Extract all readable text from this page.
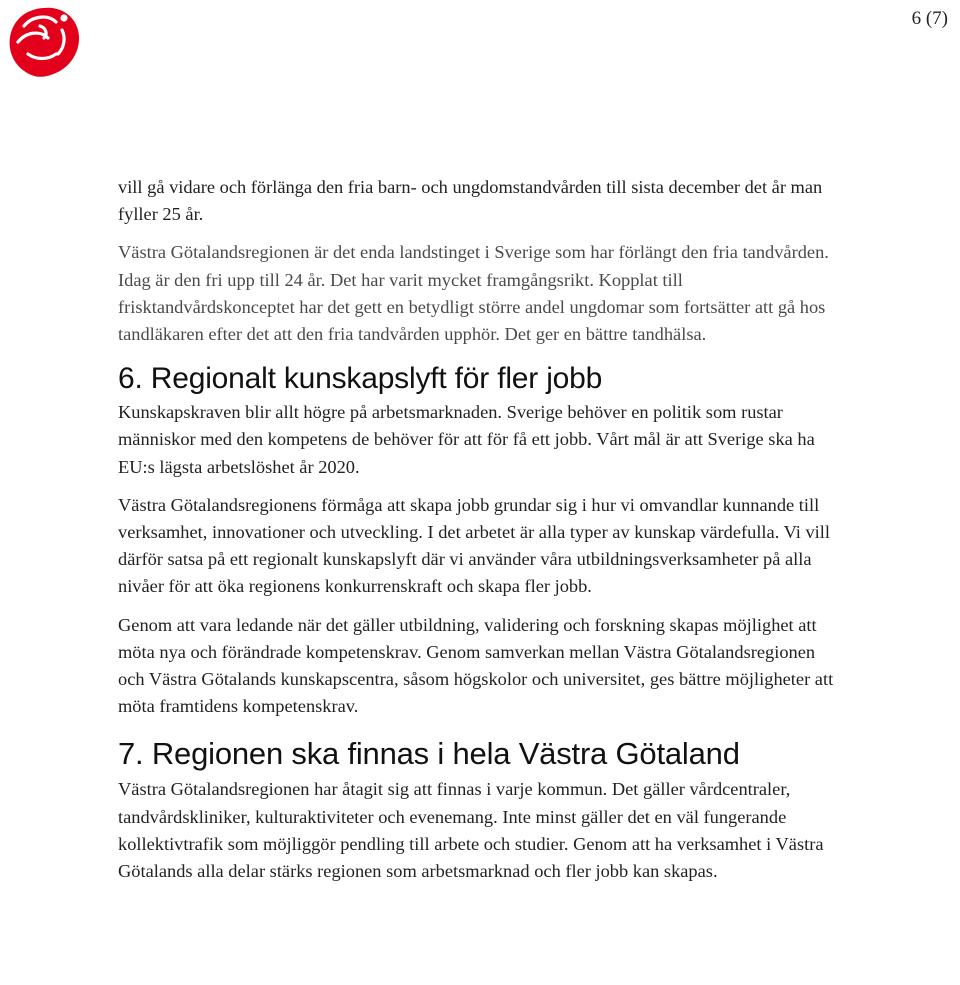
6 (7)

vill gå vidare och förlänga den fria barn- och ungdomstandvården till sista december det år man fyller 25 år.

Västra Götalandsregionen är det enda landstinget i Sverige som har förlängt den fria tandvården. Idag är den fri upp till 24 år. Det har varit mycket framgångsrikt. Kopplat till frisktandvårdskonceptet har det gett en betydligt större andel ungdomar som fortsätter att gå hos tandläkaren efter det att den fria tandvården upphör. Det ger en bättre tandhälsa.

6. Regionalt kunskapslyft för fler jobb

Kunskapskraven blir allt högre på arbetsmarknaden. Sverige behöver en politik som rustar människor med den kompetens de behöver för att för få ett jobb. Vårt mål är att Sverige ska ha EU:s lägsta arbetslöshet år 2020.

Västra Götalandsregionens förmåga att skapa jobb grundar sig i hur vi omvandlar kunnande till verksamhet, innovationer och utveckling. I det arbetet är alla typer av kunskap värdefulla. Vi vill därför satsa på ett regionalt kunskapslyft där vi använder våra utbildningsverksamheter på alla nivåer för att öka regionens konkurrenskraft och skapa fler jobb.

Genom att vara ledande när det gäller utbildning, validering och forskning skapas möjlighet att möta nya och förändrade kompetenskrav. Genom samverkan mellan Västra Götalandsregionen och Västra Götalands kunskapscentra, såsom högskolor och universitet, ges bättre möjligheter att möta framtidens kompetenskrav.

7. Regionen ska finnas i hela Västra Götaland

Västra Götalandsregionen har åtagit sig att finnas i varje kommun. Det gäller vårdcentraler, tandvårdskliniker, kulturaktiviteter och evenemang. Inte minst gäller det en väl fungerande kollektivtrafik som möjliggör pendling till arbete och studier. Genom att ha verksamhet i Västra Götalands alla delar stärks regionen som arbetsmarknad och fler jobb kan skapas.
